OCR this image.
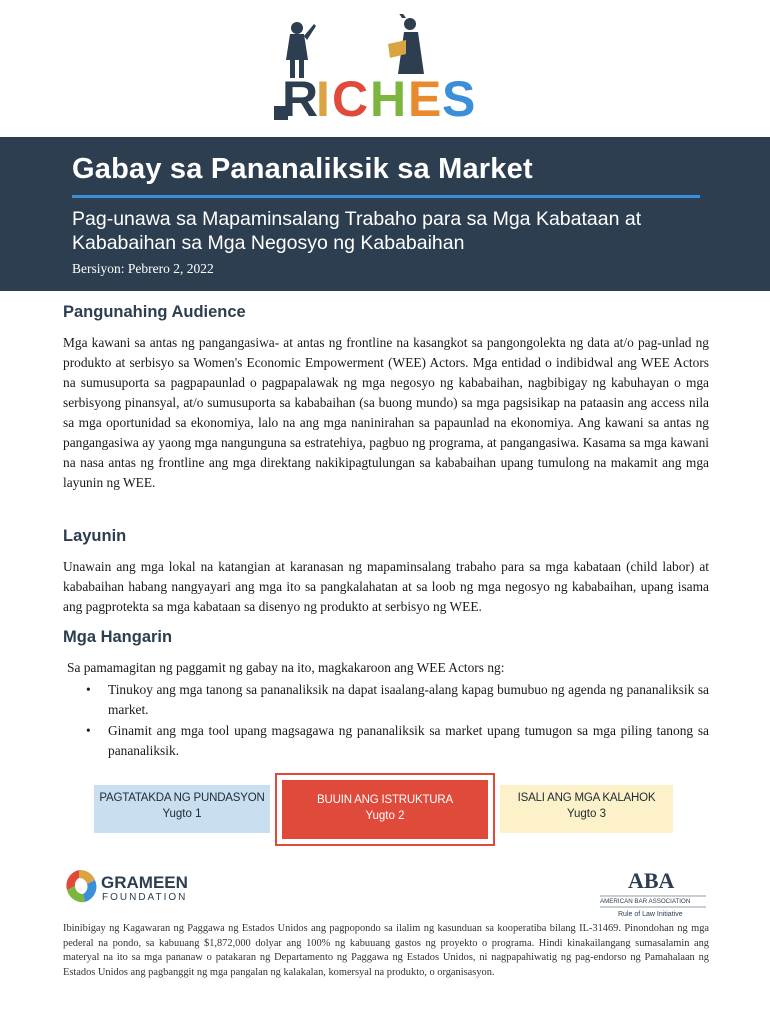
R
I C H E S
Gabay sa Pananaliksik sa Market
Pag-unawa sa Mapaminsalang Trabaho para sa Mga Kabataan at Kababaihan sa Mga Negosyo ng Kababaihan
Bersiyon: Pebrero 2, 2022
Pangunahing Audience
Mga kawani sa antas ng pangangasiwa- at antas ng frontline na kasangkot sa pangongolekta ng data at/o pag-unlad ng produkto at serbisyo sa Women's Economic Empowerment (WEE) Actors. Mga entidad o indibidwal ang WEE Actors na sumusuporta sa pagpapaunlad o pagpapalawak ng mga negosyo ng kababaihan, nagbibigay ng kabuhayan o mga serbisyong pinansyal, at/o sumusuporta sa kababaihan (sa buong mundo) sa mga pagsisikap na pataasin ang access nila sa mga oportunidad sa ekonomiya, lalo na ang mga naninirahan sa papaunlad na ekonomiya. Ang kawani sa antas ng pangangasiwa ay yaong mga nangunguna sa estratehiya, pagbuo ng programa, at pangangasiwa. Kasama sa mga kawani na nasa antas ng frontline ang mga direktang nakikipagtulungan sa kababaihan upang tumulong na makamit ang mga layunin ng WEE.
Layunin
Unawain ang mga lokal na katangian at karanasan ng mapaminsalang trabaho para sa mga kabataan (child labor) at kababaihan habang nangyayari ang mga ito sa pangkalahatan at sa loob ng mga negosyo ng kababaihan, upang isama ang pagprotekta sa mga kabataan sa disenyo ng produkto at serbisyo ng WEE.
Mga Hangarin
Sa pamamagitan ng paggamit ng gabay na ito, magkakaroon ang WEE Actors ng:
• Tinukoy ang mga tanong sa pananaliksik na dapat isaalang-alang kapag bumubuo ng agenda ng pananaliksik sa market.
• Ginamit ang mga tool upang magsagawa ng pananaliksik sa market upang tumugon sa mga piling tanong sa pananaliksik.
PAGTATAKDA NG PUNDASYON
Yugto 1
BUUIN ANG ISTRUKTURA
Yugto 2
ISALI ANG MGA KALAHOK
Yugto 3
GRAMEEN
FOUNDATION
ABA
AMERICAN BAR ASSOCIATION
Rule of Law Initiative
Ibinibigay ng Kagawaran ng Paggawa ng Estados Unidos ang pagpopondo sa ilalim ng kasunduan sa kooperatiba bilang IL-31469. Pinondohan ng mga pederal na pondo, sa kabuuang $1,872,000 dolyar ang 100% ng kabuuang gastos ng proyekto o programa. Hindi kinakailangang sumasalamin ang materyal na ito sa mga pananaw o patakaran ng Departamento ng Paggawa ng Estados Unidos, ni nagpapahiwatig ng pag-endorso ng Pamahalaan ng Estados Unidos ang pagbanggit ng mga pangalan ng kalakalan, komersyal na produkto, o organisasyon.
